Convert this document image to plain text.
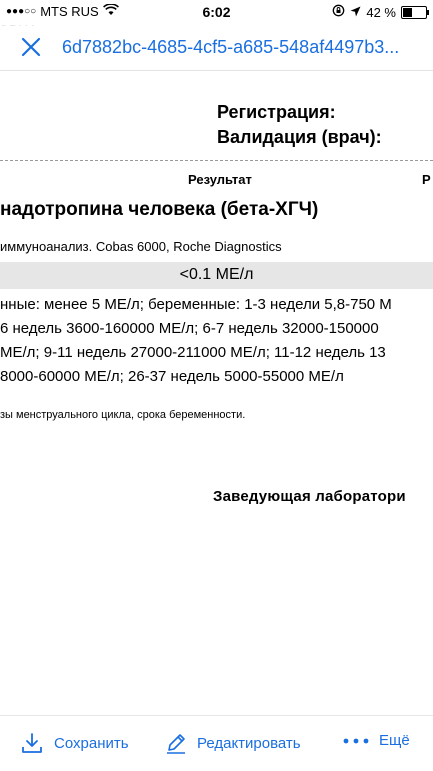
●●●○○ MTS RUS	6:02	42 %
6d7882bc-4685-4cf5-a685-548af4497b3...
Регистрация:
Валидация (врач):
Результат	Р
надотропина человека (бета-ХГЧ)
иммуноанализ. Cobas 6000, Roche Diagnostics
<0.1 МЕ/л
нные: менее 5 МЕ/л; беременные: 1-3 недели 5,8-750 М
6 недель 3600-160000 МЕ/л; 6-7 недель 32000-150000
МЕ/л; 9-11 недель 27000-211000 МЕ/л; 11-12 недель 13
8000-60000 МЕ/л; 26-37 недель 5000-55000 МЕ/л
зы менструального цикла, срока беременности.
Заведующая лаборатори
Сохранить	Редактировать	Ещё
